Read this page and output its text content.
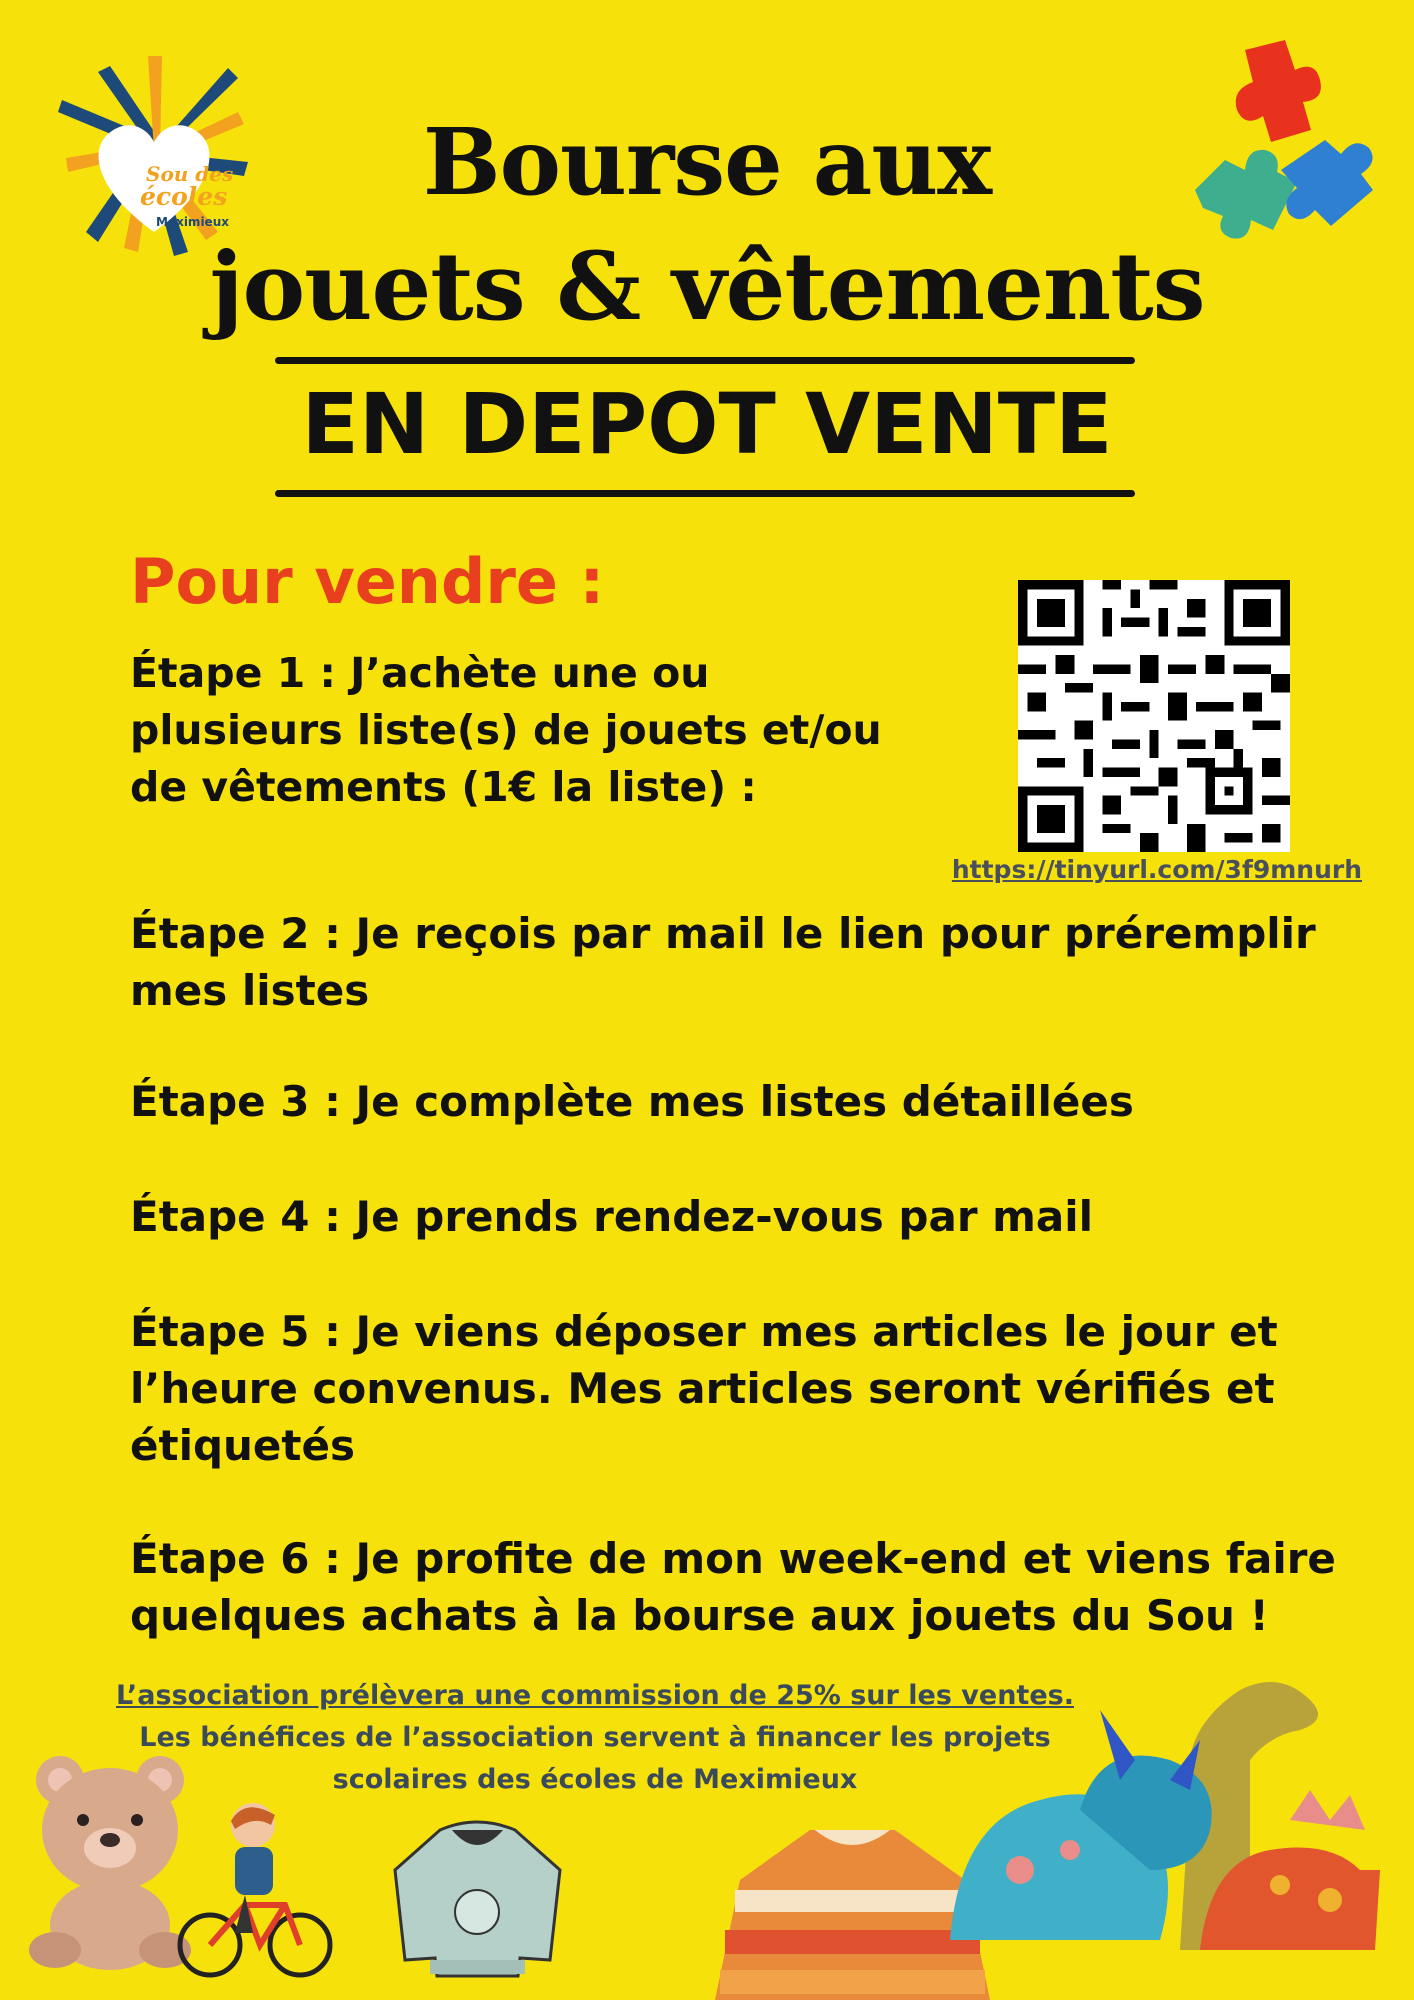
Sou des
écoles
Meximieux
Bourse aux
jouets & vêtements
EN DEPOT VENTE
Pour vendre :
Étape 1 : J’achète une ou plusieurs liste(s) de jouets et/ou de vêtements (1€ la liste) :
https://tinyurl.com/3f9mnurh
Étape 2 : Je reçois par mail le lien pour préremplir mes listes
Étape 3 : Je complète mes listes détaillées
Étape 4 : Je prends rendez-vous par mail
Étape 5 : Je viens déposer mes articles le jour et l’heure convenus. Mes articles seront vérifiés et étiquetés
Étape 6 : Je profite de mon week-end et viens faire quelques achats à la bourse aux jouets du Sou !
L’association prélèvera une commission de 25% sur les ventes.
Les bénéfices de l’association servent à financer les projets
scolaires des écoles de Meximieux
